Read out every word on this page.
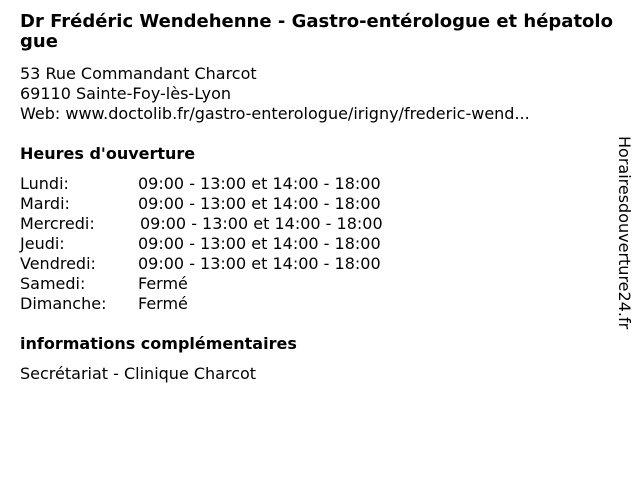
Dr Frédéric Wendehenne - Gastro-entérologue et hépatologue
53 Rue Commandant Charcot
69110 Sainte-Foy-lès-Lyon
Web: www.doctolib.fr/gastro-enterologue/irigny/frederic-wend...
Heures d'ouverture
Lundi:	09:00 - 13:00 et 14:00 - 18:00
Mardi:	09:00 - 13:00 et 14:00 - 18:00
Mercredi:	09:00 - 13:00 et 14:00 - 18:00
Jeudi:	09:00 - 13:00 et 14:00 - 18:00
Vendredi:	09:00 - 13:00 et 14:00 - 18:00
Samedi:	Fermé
Dimanche: Fermé
informations complémentaires
Secrétariat - Clinique Charcot
Horairesdouverture24.fr
